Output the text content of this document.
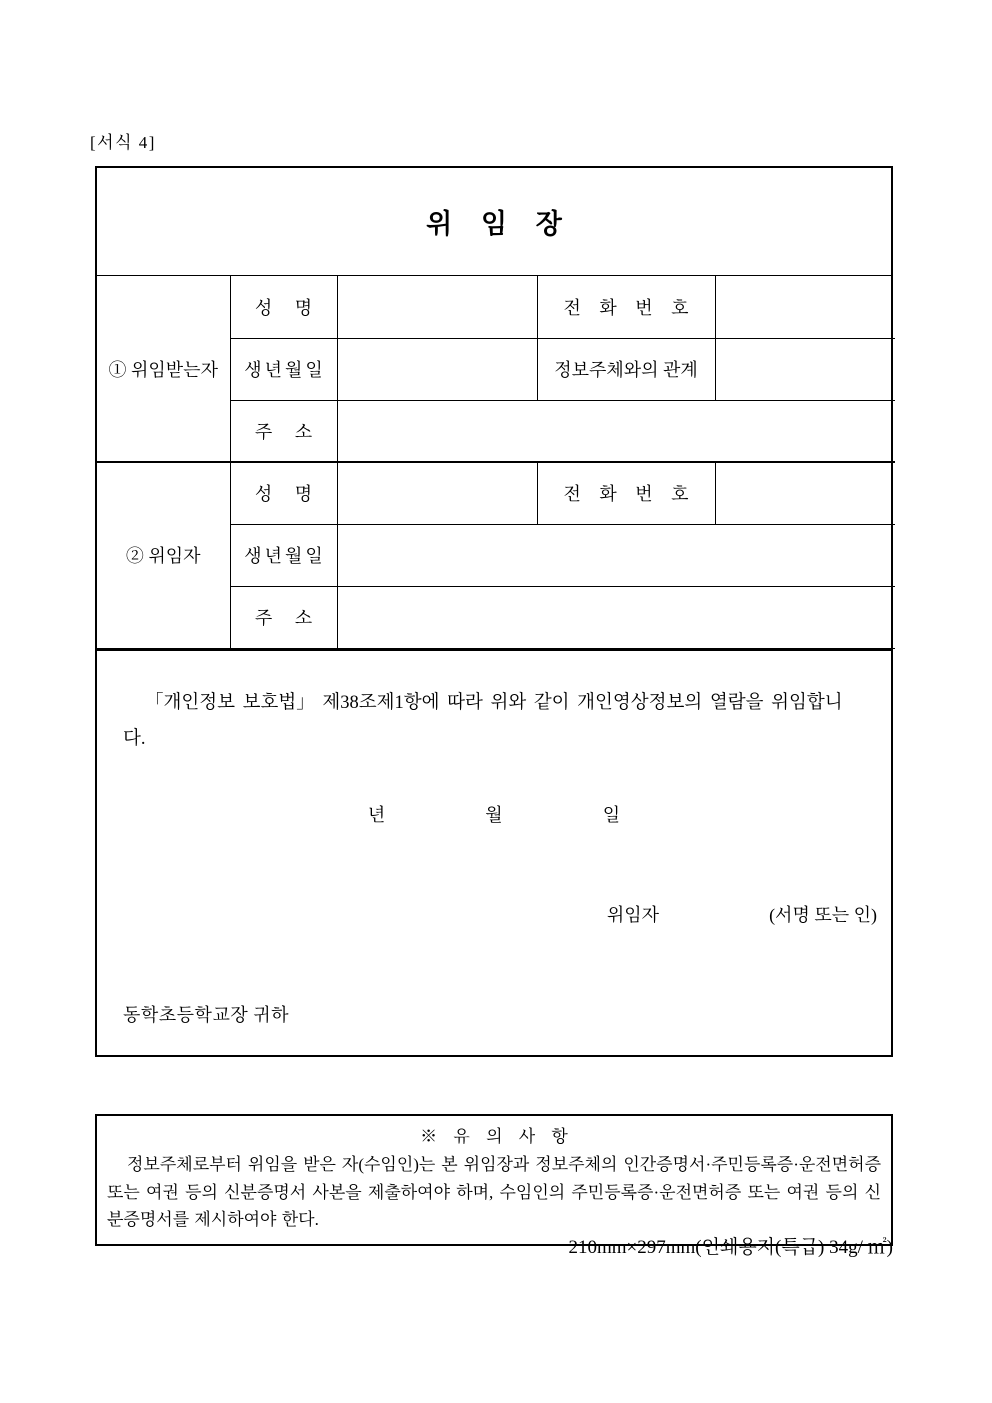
[서식 4]
위 임 장
① 위임받는자	성 명		전 화 번 호	
	생년월일		정보주체와의 관계	
	주 소			
② 위임자	성 명		전 화 번 호	
	생년월일			
	주 소			
「개인정보 보호법」 제38조제1항에 따라 위와 같이 개인영상정보의 열람을 위임합니다.
년	월	일
위임자	(서명 또는 인)
동학초등학교장 귀하
※ 유 의 사 항
정보주체로부터 위임을 받은 자(수임인)는 본 위임장과 정보주체의 인간증명서·주민등록증·운전면허증 또는 여권 등의 신분증명서 사본을 제출하여야 하며, 수임인의 주민등록증·운전면허증 또는 여권 등의 신분증명서를 제시하여야 한다.
210mm×297mm(인쇄용지(특급) 34g/ ㎡)
